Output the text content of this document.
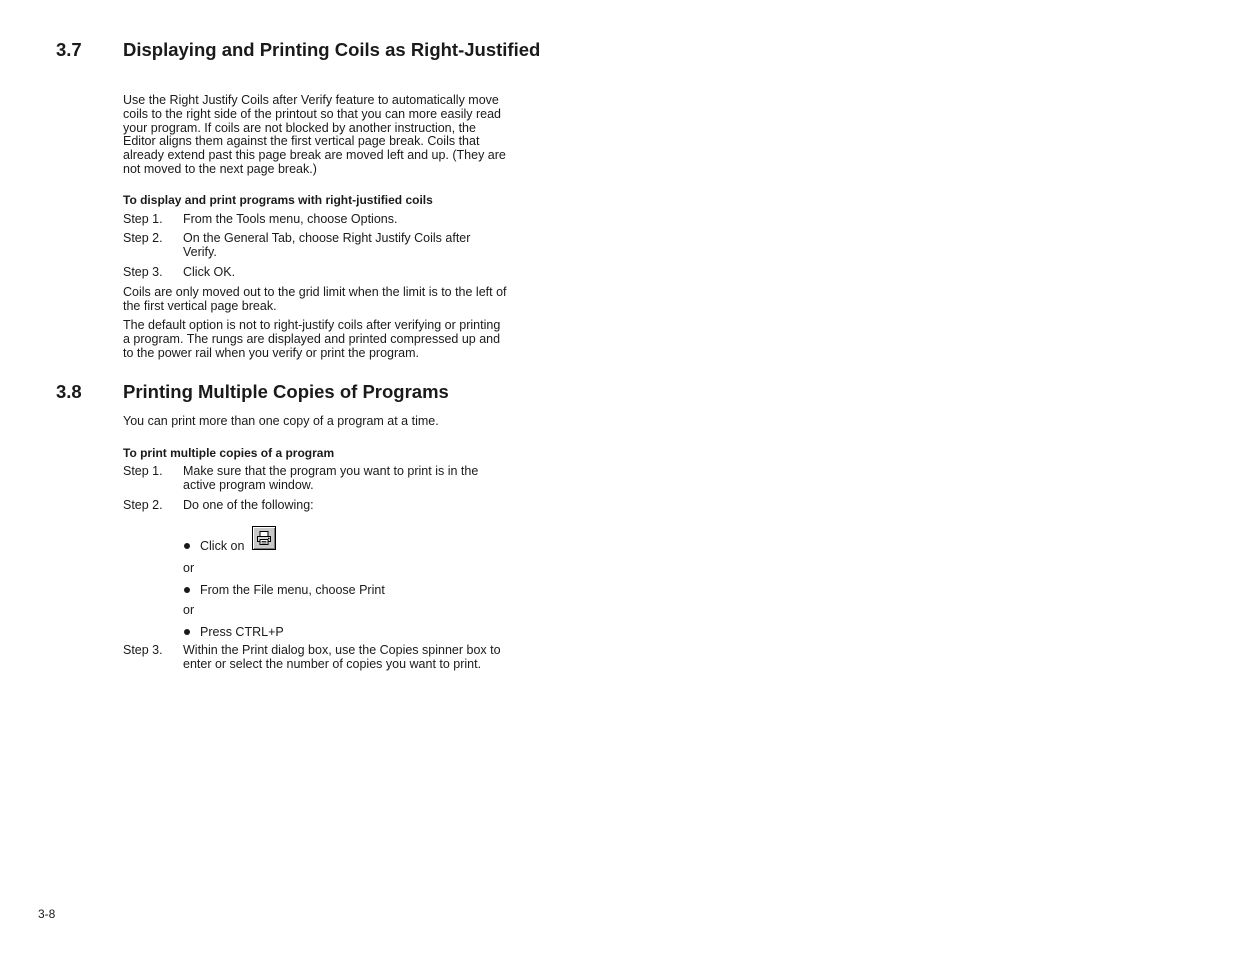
3.7 Displaying and Printing Coils as Right-Justified
Use the Right Justify Coils after Verify feature to automatically move coils to the right side of the printout so that you can more easily read your program. If coils are not blocked by another instruction, the Editor aligns them against the first vertical page break. Coils that already extend past this page break are moved left and up. (They are not moved to the next page break.)
To display and print programs with right-justified coils
Step 1. From the Tools menu, choose Options.
Step 2. On the General Tab, choose Right Justify Coils after Verify.
Step 3. Click OK.
Coils are only moved out to the grid limit when the limit is to the left of the first vertical page break.
The default option is not to right-justify coils after verifying or printing a program. The rungs are displayed and printed compressed up and to the power rail when you verify or print the program.
3.8 Printing Multiple Copies of Programs
You can print more than one copy of a program at a time.
To print multiple copies of a program
Step 1. Make sure that the program you want to print is in the active program window.
Step 2. Do one of the following:
Click on
or
From the File menu, choose Print
or
Press CTRL+P
Step 3. Within the Print dialog box, use the Copies spinner box to enter or select the number of copies you want to print.
3-8
